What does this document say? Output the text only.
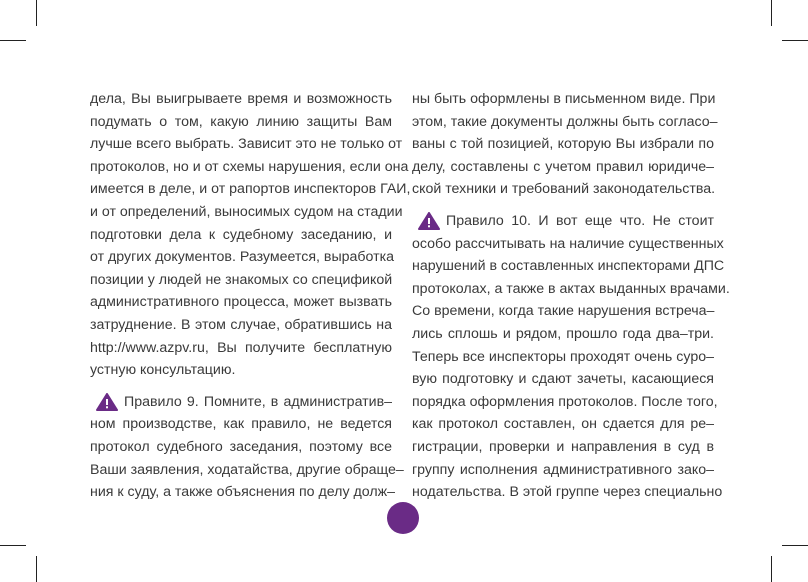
дела, Вы выигрываете время и возможность
подумать о том, какую линию защиты Вам
лучше всего выбрать. Зависит это не только от
протоколов, но и от схемы нарушения, если она
имеется в деле, и от рапортов инспекторов ГАИ,
и от определений, выносимых судом на стадии
подготовки дела к судебному заседанию, и
от других документов. Разумеется, выработка
позиции у людей не знакомых со спецификой
административного процесса, может вызвать
затруднение. В этом случае, обратившись на
http://www.azpv.ru, Вы получите бесплатную
устную консультацию.
Правило 9. Помните, в административ–
ном производстве, как правило, не ведется
протокол судебного заседания, поэтому все
Ваши заявления, ходатайства, другие обраще–
ния к суду, а также объяснения по делу долж–
ны быть оформлены в письменном виде. При
этом, такие документы должны быть согласо–
ваны с той позицией, которую Вы избрали по
делу, составлены с учетом правил юридиче–
ской техники и требований законодательства.
Правило 10. И вот еще что. Не стоит
особо рассчитывать на наличие существенных
нарушений в составленных инспекторами ДПС
протоколах, а также в актах выданных врачами.
Со времени, когда такие нарушения встреча–
лись сплошь и рядом, прошло года два–три.
Теперь все инспекторы проходят очень суро–
вую подготовку и сдают зачеты, касающиеся
порядка оформления протоколов. После того,
как протокол составлен, он сдается для ре–
гистрации, проверки и направления в суд в
группу исполнения административного зако–
нодательства. В этой группе через специально
